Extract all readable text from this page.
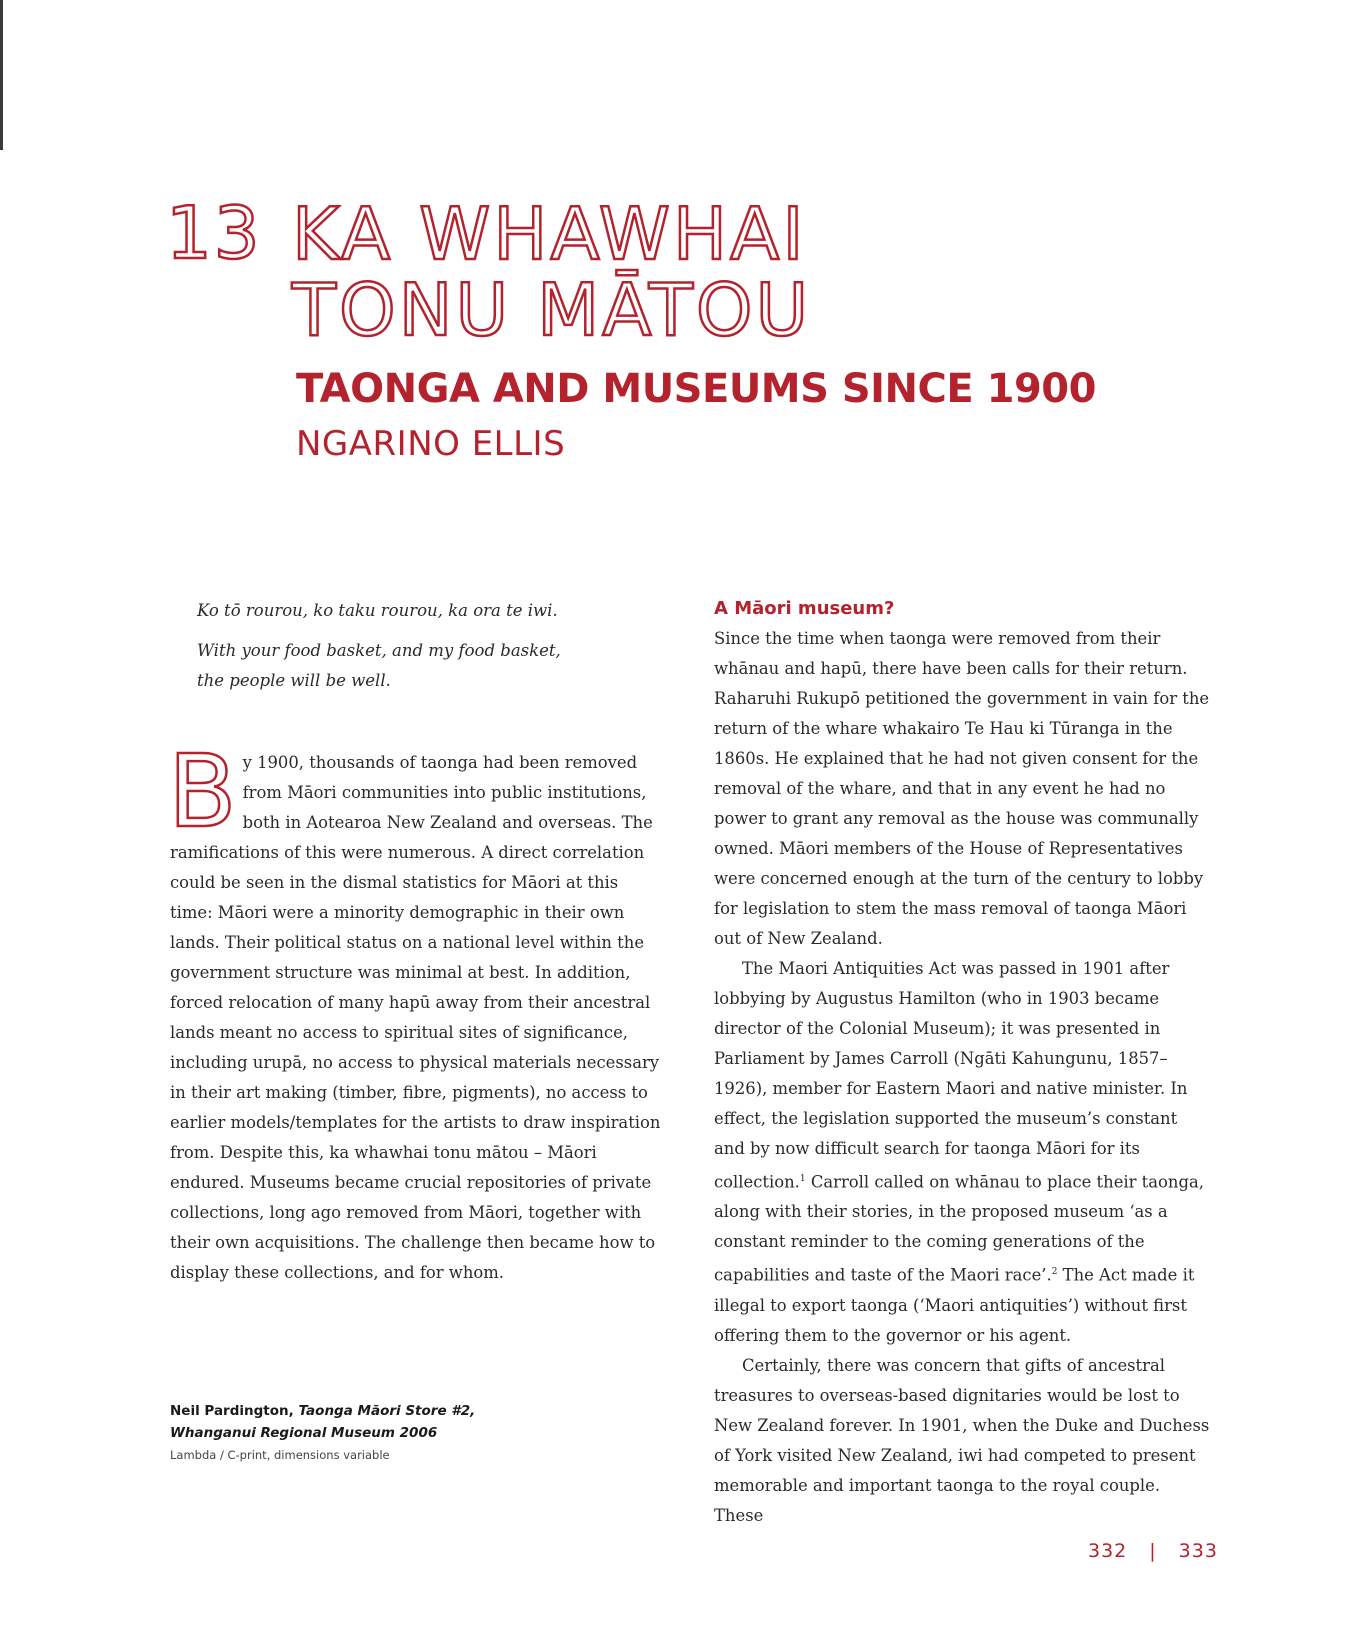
13 KA WHAWHAI
TONU MĀTOU
TAONGA AND MUSEUMS SINCE 1900
NGARINO ELLIS

Ko tō rourou, ko taku rourou, ka ora te iwi.

With your food basket, and my food basket,
the people will be well.

By 1900, thousands of taonga had been removed from Māori communities into public institutions, both in Aotearoa New Zealand and overseas. The ramifications of this were numerous. A direct correlation could be seen in the dismal statistics for Māori at this time: Māori were a minority demographic in their own lands. Their political status on a national level within the government structure was minimal at best. In addition, forced relocation of many hapū away from their ancestral lands meant no access to spiritual sites of significance, including urupā, no access to physical materials necessary in their art making (timber, fibre, pigments), no access to earlier models/templates for the artists to draw inspiration from. Despite this, ka whawhai tonu mātou – Māori endured. Museums became crucial repositories of private collections, long ago removed from Māori, together with their own acquisitions. The challenge then became how to display these collections, and for whom.

Neil Pardington, Taonga Māori Store #2,
Whanganui Regional Museum 2006
Lambda / C-print, dimensions variable
A Māori museum?

Since the time when taonga were removed from their whānau and hapū, there have been calls for their return. Raharuhi Rukupō petitioned the government in vain for the return of the whare whakairo Te Hau ki Tūranga in the 1860s. He explained that he had not given consent for the removal of the whare, and that in any event he had no power to grant any removal as the house was communally owned. Māori members of the House of Representatives were concerned enough at the turn of the century to lobby for legislation to stem the mass removal of taonga Māori out of New Zealand.

The Maori Antiquities Act was passed in 1901 after lobbying by Augustus Hamilton (who in 1903 became director of the Colonial Museum); it was presented in Parliament by James Carroll (Ngāti Kahungunu, 1857–1926), member for Eastern Maori and native minister. In effect, the legislation supported the museum’s constant and by now difficult search for taonga Māori for its collection.$^1$ Carroll called on whānau to place their taonga, along with their stories, in the proposed museum ‘as a constant reminder to the coming generations of the capabilities and taste of the Maori race’.$^2$ The Act made it illegal to export taonga (‘Maori antiquities’) without first offering them to the governor or his agent.

Certainly, there was concern that gifts of ancestral treasures to overseas-based dignitaries would be lost to New Zealand forever. In 1901, when the Duke and Duchess of York visited New Zealand, iwi had competed to present memorable and important taonga to the royal couple. These

332 | 333
